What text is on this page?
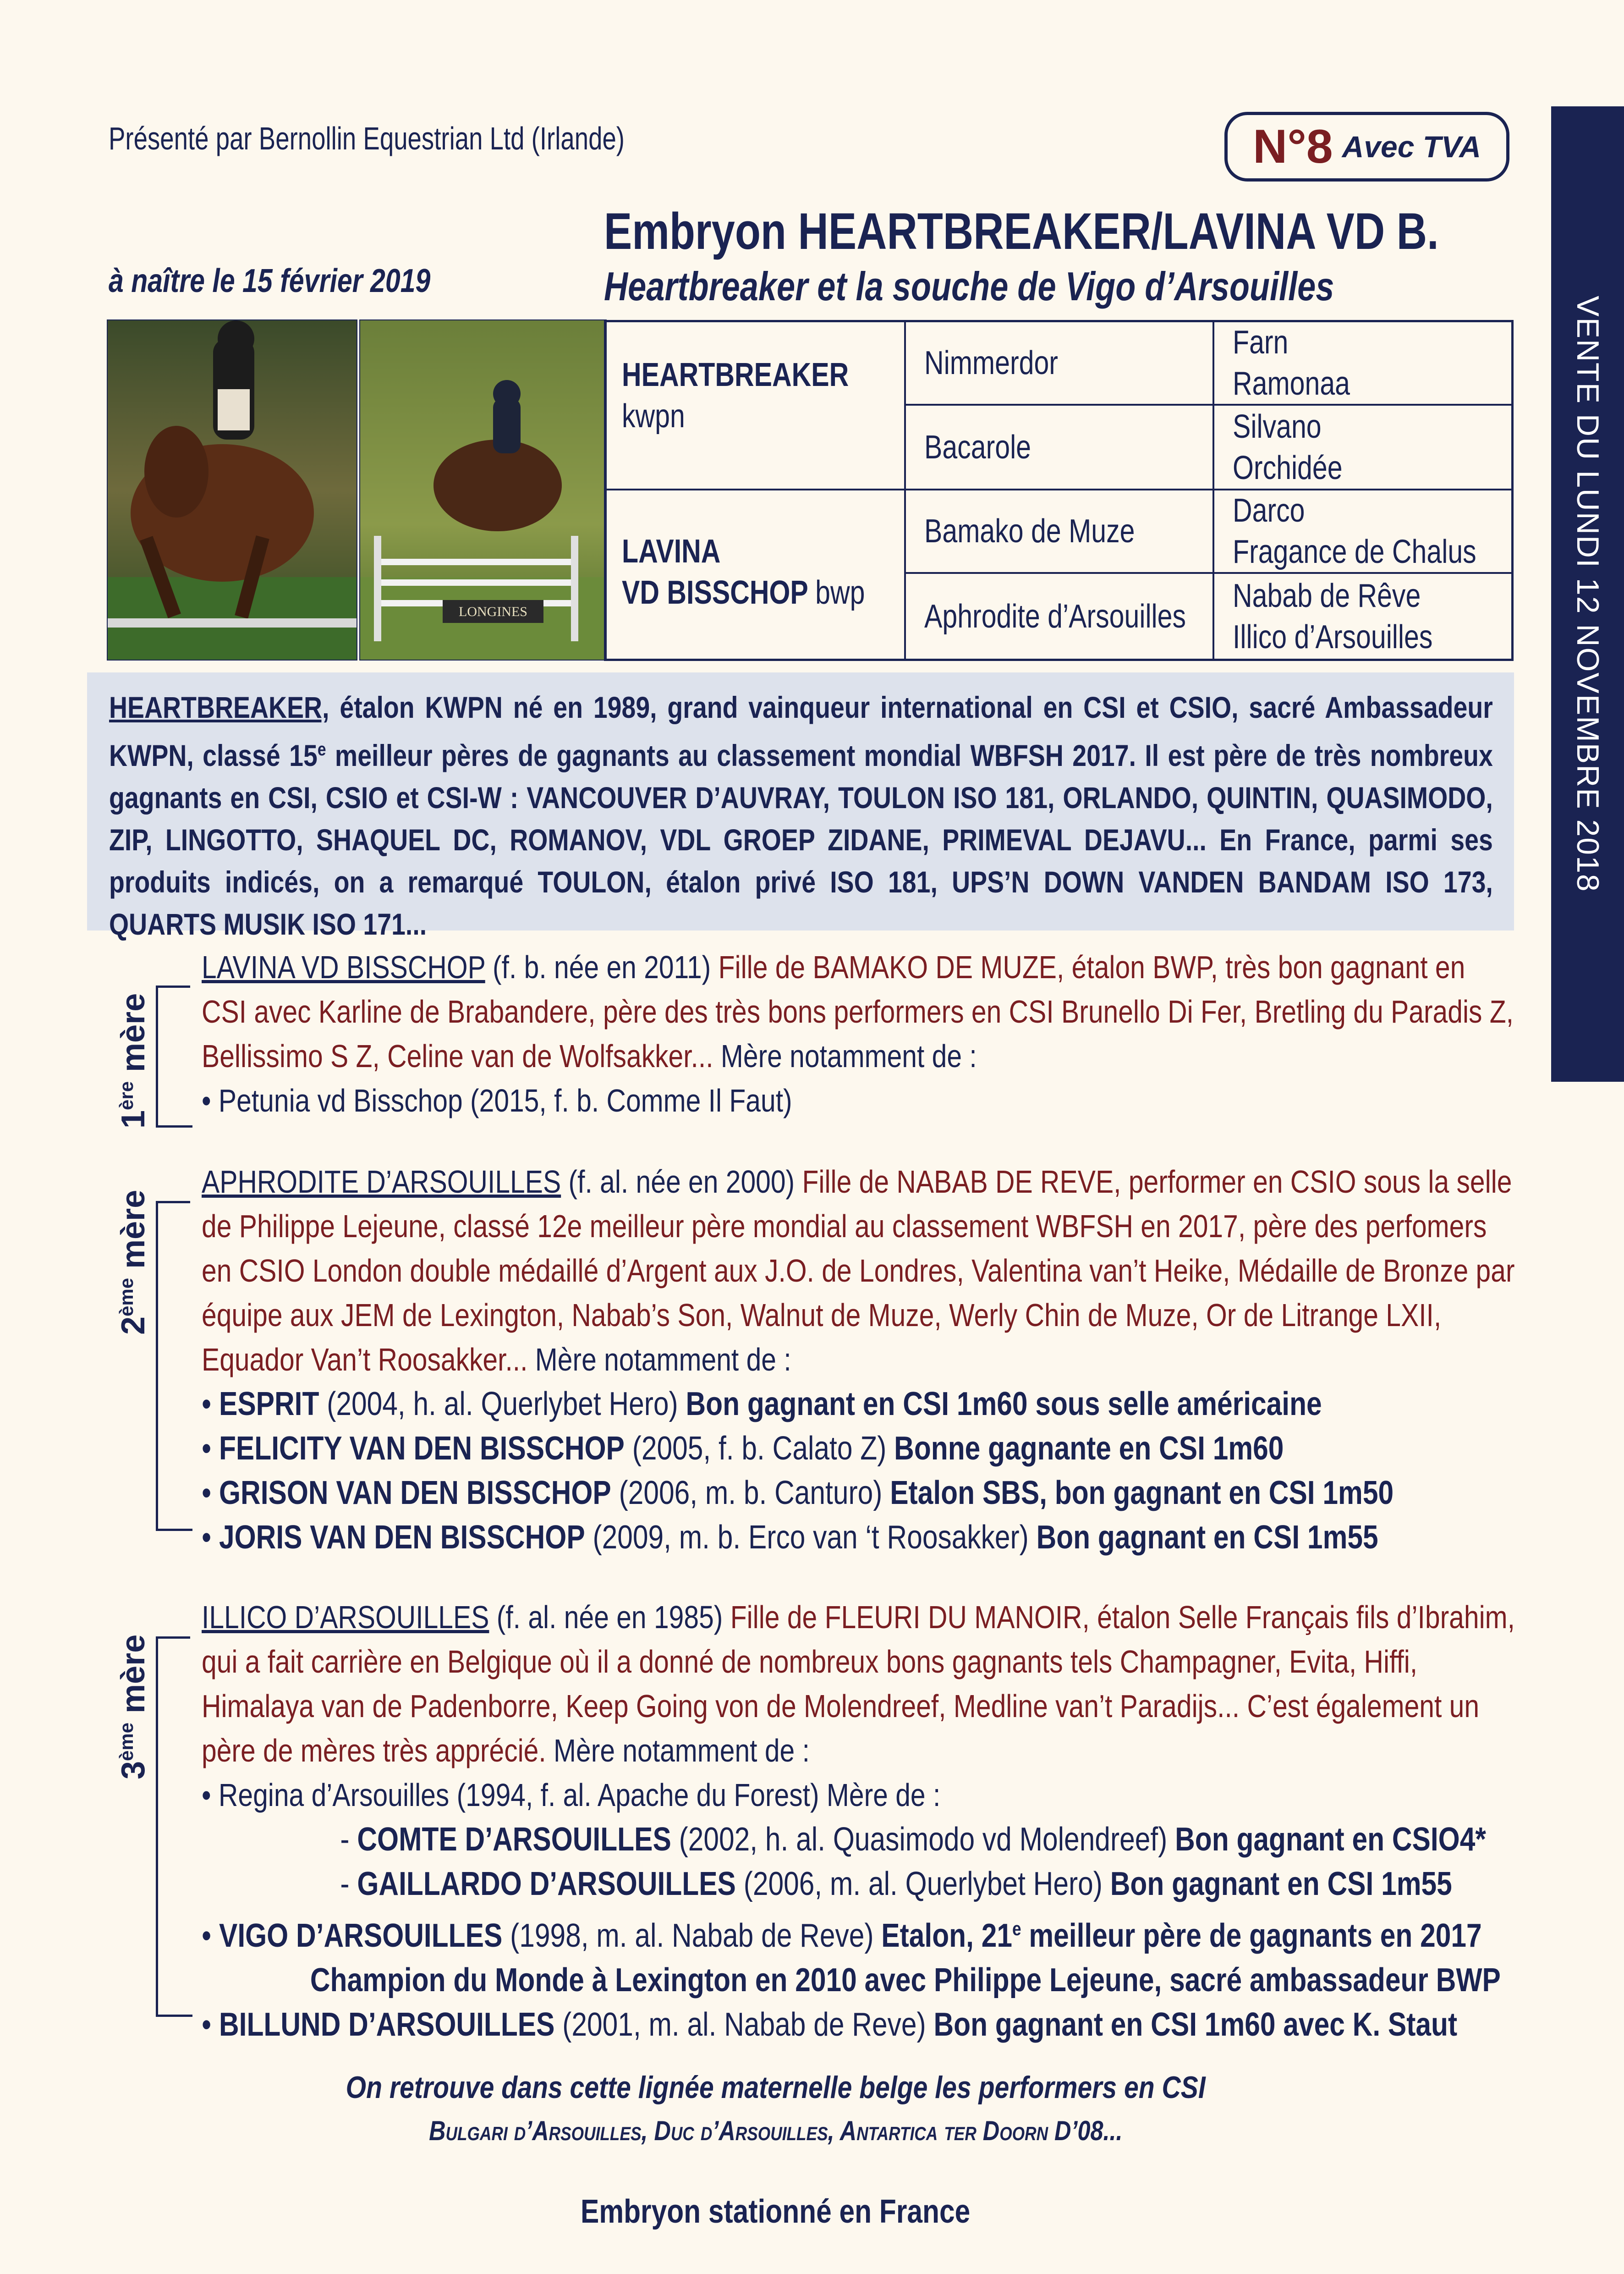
Présenté par Bernollin Equestrian Ltd (Irlande)	N°8 Avec TVA
VENTE DU LUNDI 12 NOVEMBRE 2018
à naître le 15 février 2019
Embryon HEARTBREAKER/LAVINA VD B.
Heartbreaker et la souche de Vigo d’Arsouilles
LONGINES
HEARTBREAKER
kwpn
LAVINA
VD BISSCHOP bwp
Nimmerdor
Bacarole
Bamako de Muze
Aphrodite d’Arsouilles
Farn
Ramonaa
Silvano
Orchidée
Darco
Fragance de Chalus
Nabab de Rêve
Illico d’Arsouilles

HEARTBREAKER, étalon KWPN né en 1989, grand vainqueur international en CSI et CSIO, sacré Ambassadeur KWPN, classé 15e meilleur pères de gagnants au classement mondial WBFSH 2017. Il est père de très nombreux gagnants en CSI, CSIO et CSI-W : VANCOUVER D’AUVRAY, TOULON ISO 181, ORLANDO, QUINTIN, QUASIMODO, ZIP, LINGOTTO, SHAQUEL DC, ROMANOV, VDL GROEP ZIDANE, PRIMEVAL DEJAVU... En France, parmi ses produits indicés, on a remarqué TOULON, étalon privé ISO 181, UPS’N DOWN VANDEN BANDAM ISO 173, QUARTS MUSIK ISO 171...

1ère mère
LAVINA VD BISSCHOP (f. b. née en 2011) Fille de BAMAKO DE MUZE, étalon BWP, très bon gagnant en CSI avec Karline de Brabandere, père des très bons performers en CSI Brunello Di Fer, Bretling du Paradis Z, Bellissimo S Z, Celine van de Wolfsakker... Mère notamment de :
• Petunia vd Bisschop (2015, f. b. Comme Il Faut)
2ème mère
APHRODITE D’ARSOUILLES (f. al. née en 2000) Fille de NABAB DE REVE, performer en CSIO sous la selle de Philippe Lejeune, classé 12e meilleur père mondial au classement WBFSH en 2017, père des perfomers en CSIO London double médaillé d’Argent aux J.O. de Londres, Valentina van’t Heike, Médaille de Bronze par équipe aux JEM de Lexington, Nabab’s Son, Walnut de Muze, Werly Chin de Muze, Or de Litrange LXII, Equador Van’t Roosakker... Mère notamment de :
• ESPRIT (2004, h. al. Querlybet Hero) Bon gagnant en CSI 1m60 sous selle américaine
• FELICITY VAN DEN BISSCHOP (2005, f. b. Calato Z) Bonne gagnante en CSI 1m60
• GRISON VAN DEN BISSCHOP (2006, m. b. Canturo) Etalon SBS, bon gagnant en CSI 1m50
• JORIS VAN DEN BISSCHOP (2009, m. b. Erco van ‘t Roosakker) Bon gagnant en CSI 1m55
3ème mère
ILLICO D’ARSOUILLES (f. al. née en 1985) Fille de FLEURI DU MANOIR, étalon Selle Français fils d’Ibrahim, qui a fait carrière en Belgique où il a donné de nombreux bons gagnants tels Champagner, Evita, Hiffi, Himalaya van de Padenborre, Keep Going von de Molendreef, Medline van’t Paradijs... C’est également un père de mères très apprécié. Mère notamment de :
• Regina d’Arsouilles (1994, f. al. Apache du Forest) Mère de :
- COMTE D’ARSOUILLES (2002, h. al. Quasimodo vd Molendreef) Bon gagnant en CSIO4*
- GAILLARDO D’ARSOUILLES (2006, m. al. Querlybet Hero) Bon gagnant en CSI 1m55
• VIGO D’ARSOUILLES (1998, m. al. Nabab de Reve) Etalon, 21e meilleur père de gagnants en 2017
Champion du Monde à Lexington en 2010 avec Philippe Lejeune, sacré ambassadeur BWP
• BILLUND D’ARSOUILLES (2001, m. al. Nabab de Reve) Bon gagnant en CSI 1m60 avec K. Staut
On retrouve dans cette lignée maternelle belge les performers en CSI
Bulgari d’Arsouilles, Duc d’Arsouilles, Antartica ter Doorn D’08...
Embryon stationné en France
